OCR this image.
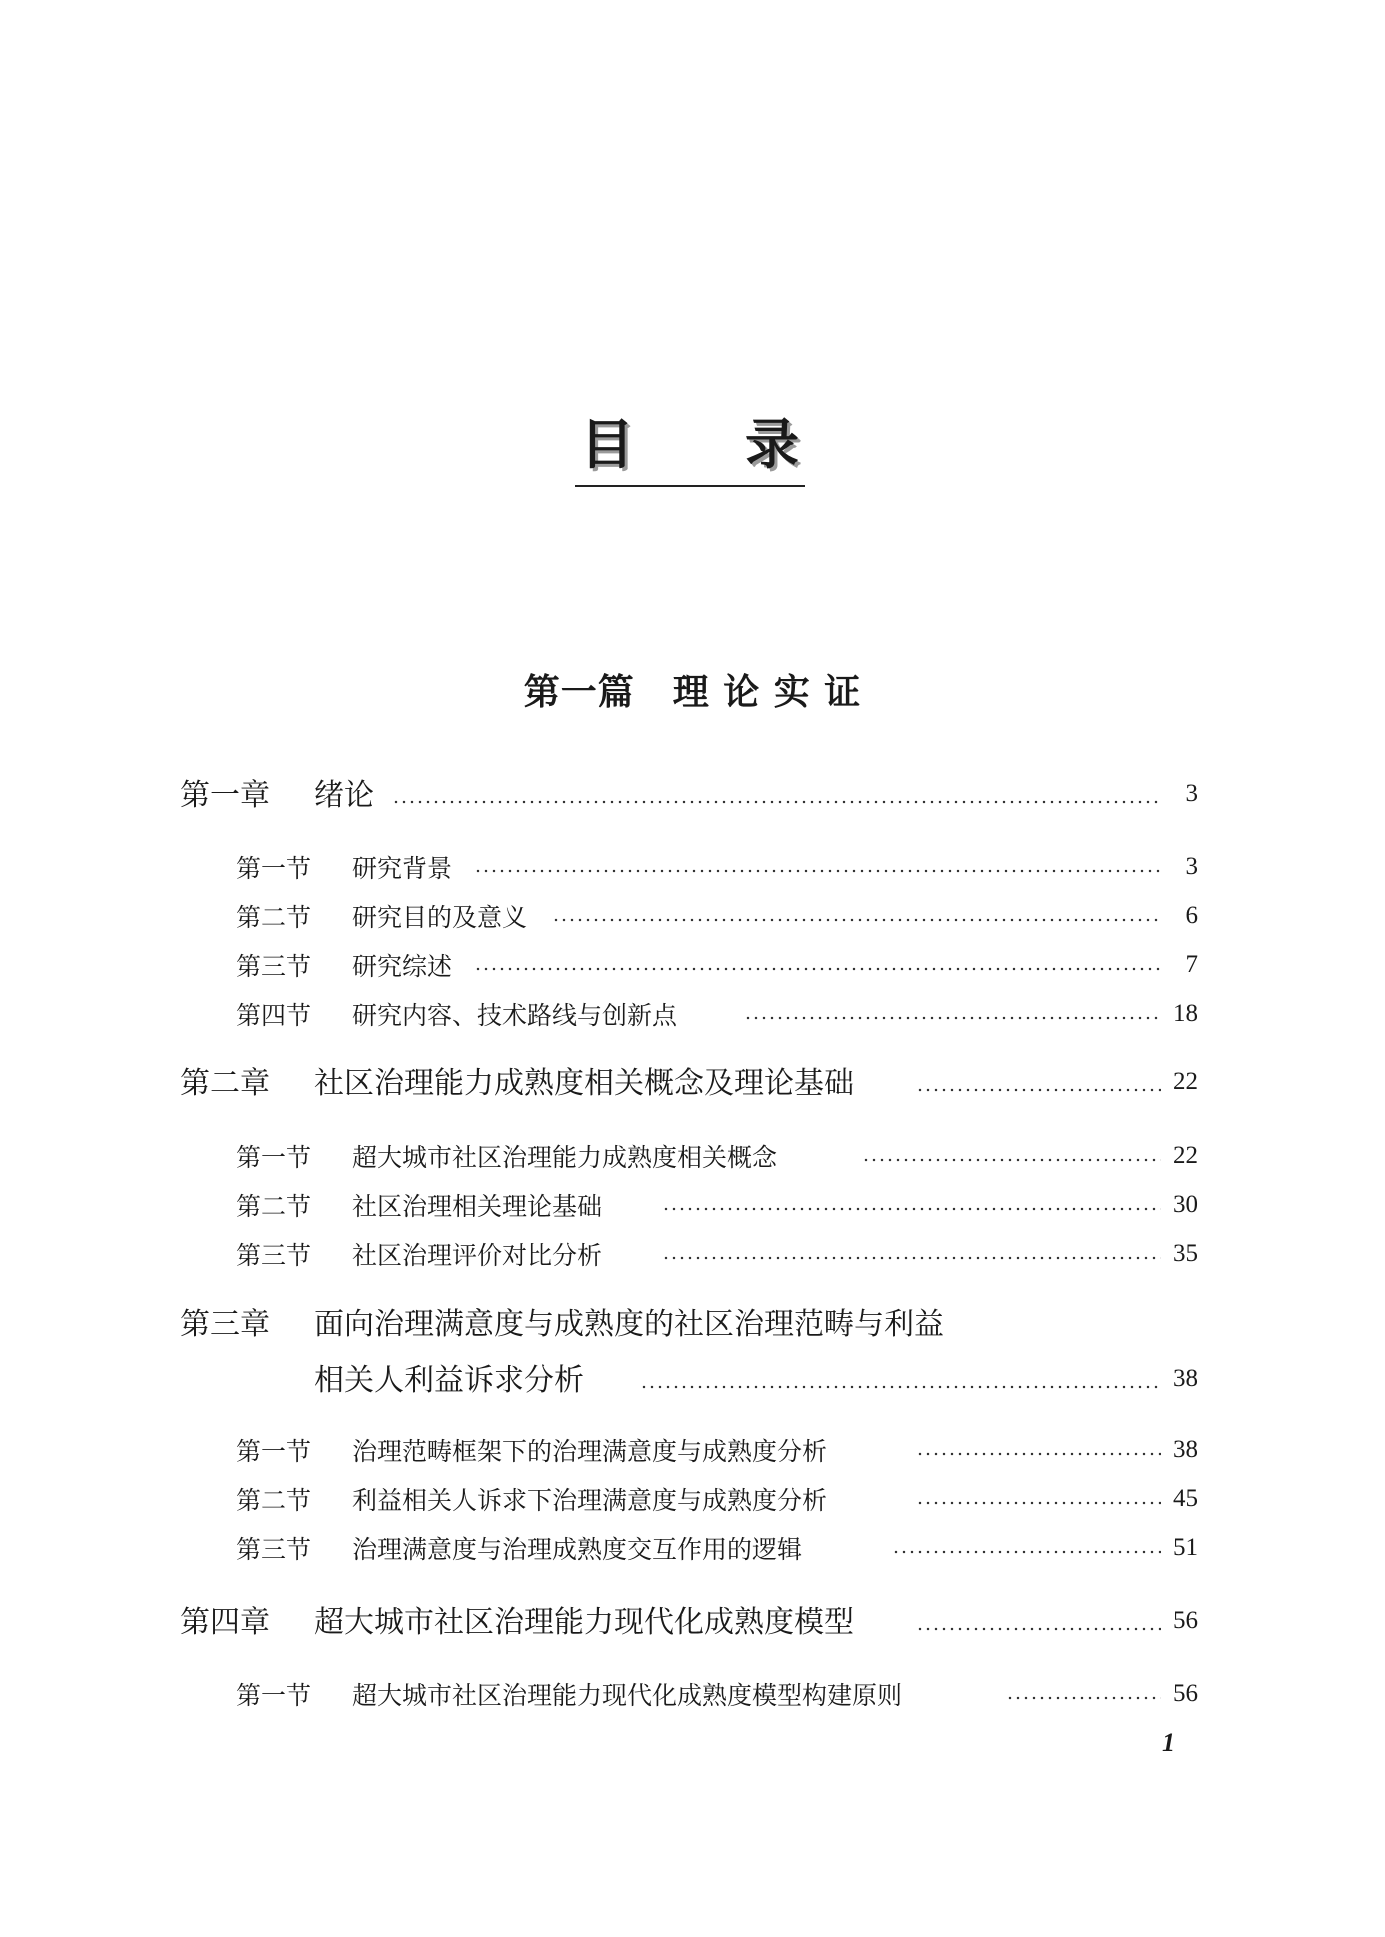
目 录
第一篇 理 论 实 证
第一章 绪论	3
第一节 研究背景	3
第二节 研究目的及意义	6
第三节 研究综述	7
第四节 研究内容、技术路线与创新点	18
第二章 社区治理能力成熟度相关概念及理论基础	22
第一节 超大城市社区治理能力成熟度相关概念	22
第二节 社区治理相关理论基础	30
第三节 社区治理评价对比分析	35
第三章 面向治理满意度与成熟度的社区治理范畴与利益
相关人利益诉求分析	38
第一节 治理范畴框架下的治理满意度与成熟度分析	38
第二节 利益相关人诉求下治理满意度与成熟度分析	45
第三节 治理满意度与治理成熟度交互作用的逻辑	51
第四章 超大城市社区治理能力现代化成熟度模型	56
第一节 超大城市社区治理能力现代化成熟度模型构建原则	56
1
